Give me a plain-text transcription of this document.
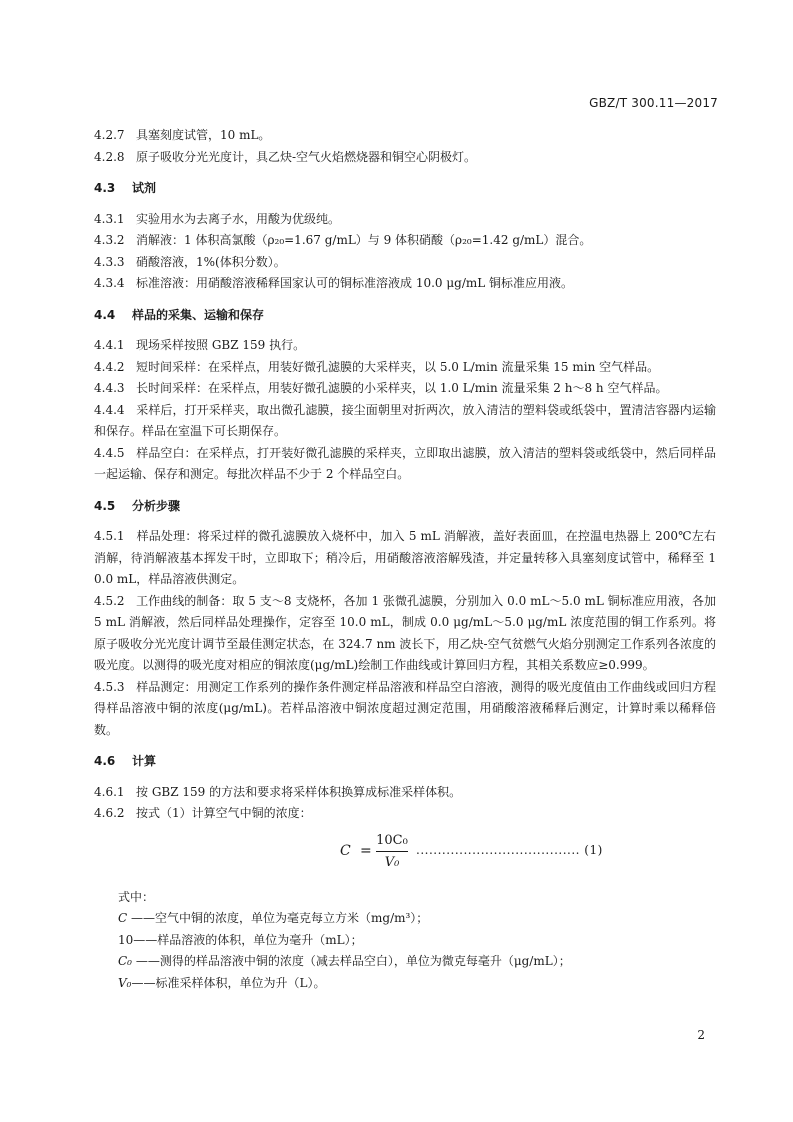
GBZ/T 300.11—2017
4.2.7 具塞刻度试管，10 mL。
4.2.8 原子吸收分光光度计，具乙炔-空气火焰燃烧器和铜空心阴极灯。
4.3 试剂
4.3.1 实验用水为去离子水，用酸为优级纯。
4.3.2 消解液：1 体积高氯酸（ρ₂₀=1.67 g/mL）与 9 体积硝酸（ρ₂₀=1.42 g/mL）混合。
4.3.3 硝酸溶液，1%(体积分数）。
4.3.4 标准溶液：用硝酸溶液稀释国家认可的铜标准溶液成 10.0 μg/mL 铜标准应用液。
4.4 样品的采集、运输和保存
4.4.1 现场采样按照 GBZ 159 执行。
4.4.2 短时间采样：在采样点，用装好微孔滤膜的大采样夹，以 5.0 L/min 流量采集 15 min 空气样品。
4.4.3 长时间采样：在采样点，用装好微孔滤膜的小采样夹，以 1.0 L/min 流量采集 2 h～8 h 空气样品。
4.4.4 采样后，打开采样夹，取出微孔滤膜，接尘面朝里对折两次，放入清洁的塑料袋或纸袋中，置清洁容器内运输和保存。样品在室温下可长期保存。
4.4.5 样品空白：在采样点，打开装好微孔滤膜的采样夹，立即取出滤膜，放入清洁的塑料袋或纸袋中，然后同样品一起运输、保存和测定。每批次样品不少于 2 个样品空白。
4.5 分析步骤
4.5.1 样品处理：将采过样的微孔滤膜放入烧杯中，加入 5 mL 消解液，盖好表面皿，在控温电热器上 200℃左右消解，待消解液基本挥发干时，立即取下；稍冷后，用硝酸溶液溶解残渣，并定量转移入具塞刻度试管中，稀释至 10.0 mL，样品溶液供测定。
4.5.2 工作曲线的制备：取 5 支～8 支烧杯，各加 1 张微孔滤膜，分别加入 0.0 mL～5.0 mL 铜标准应用液，各加 5 mL 消解液，然后同样品处理操作，定容至 10.0 mL，制成 0.0 μg/mL～5.0 μg/mL 浓度范围的铜工作系列。将原子吸收分光光度计调节至最佳测定状态，在 324.7 nm 波长下，用乙炔-空气贫燃气火焰分别测定工作系列各浓度的吸光度。以测得的吸光度对相应的铜浓度(μg/mL)绘制工作曲线或计算回归方程，其相关系数应≥0.999。
4.5.3 样品测定：用测定工作系列的操作条件测定样品溶液和样品空白溶液，测得的吸光度值由工作曲线或回归方程得样品溶液中铜的浓度(μg/mL)。若样品溶液中铜浓度超过测定范围，用硝酸溶液稀释后测定，计算时乘以稀释倍数。
4.6 计算
4.6.1 按 GBZ 159 的方法和要求将采样体积换算成标准采样体积。
4.6.2 按式（1）计算空气中铜的浓度：
C =
10C₀
V₀
...................................... (1)
式中：
C ——空气中铜的浓度，单位为毫克每立方米（mg/m³）；
10——样品溶液的体积，单位为毫升（mL）；
C₀ ——测得的样品溶液中铜的浓度（减去样品空白），单位为微克每毫升（μg/mL）；
V₀——标准采样体积，单位为升（L）。
2
